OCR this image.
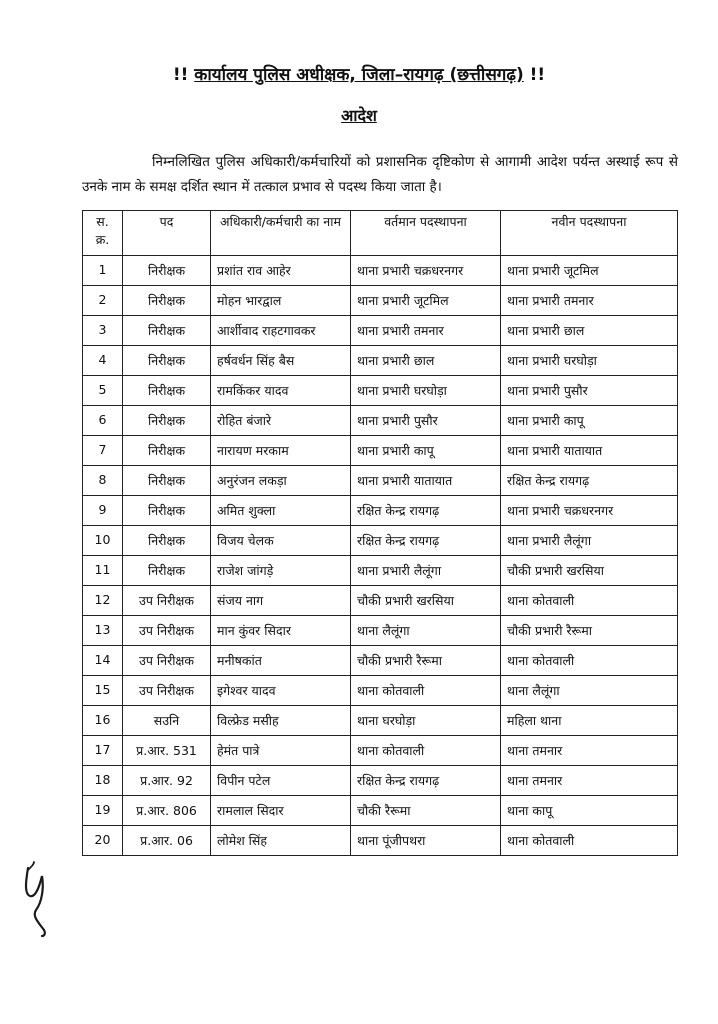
!! कार्यालय पुलिस अधीक्षक, जिला–रायगढ़ (छत्तीसगढ़) !!
आदेश
निम्नलिखित पुलिस अधिकारी/कर्मचारियों को प्रशासनिक दृष्टिकोण से आगामी आदेश पर्यन्त अस्थाई रूप से उनके नाम के समक्ष दर्शित स्थान में तत्काल प्रभाव से पदस्थ किया जाता है।
स. क्र.	पद	अधिकारी/कर्मचारी का नाम	वर्तमान पदस्थापना	नवीन पदस्थापना
1	निरीक्षक	प्रशांत राव आहेर	थाना प्रभारी चक्रधरनगर	थाना प्रभारी जूटमिल
2	निरीक्षक	मोहन भारद्वाल	थाना प्रभारी जूटमिल	थाना प्रभारी तमनार
3	निरीक्षक	आर्शीवाद राहटगावकर	थाना प्रभारी तमनार	थाना प्रभारी छाल
4	निरीक्षक	हर्षवर्धन सिंह बैस	थाना प्रभारी छाल	थाना प्रभारी घरघोड़ा
5	निरीक्षक	रामकिंकर यादव	थाना प्रभारी घरघोड़ा	थाना प्रभारी पुसौर
6	निरीक्षक	रोहित बंजारे	थाना प्रभारी पुसौर	थाना प्रभारी कापू
7	निरीक्षक	नारायण मरकाम	थाना प्रभारी कापू	थाना प्रभारी यातायात
8	निरीक्षक	अनुरंजन लकड़ा	थाना प्रभारी यातायात	रक्षित केन्द्र रायगढ़
9	निरीक्षक	अमित शुक्ला	रक्षित केन्द्र रायगढ़	थाना प्रभारी चक्रधरनगर
10	निरीक्षक	विजय चेलक	रक्षित केन्द्र रायगढ़	थाना प्रभारी लैलूंगा
11	निरीक्षक	राजेश जांगड़े	थाना प्रभारी लैलूंगा	चौकी प्रभारी खरसिया
12	उप निरीक्षक	संजय नाग	चौकी प्रभारी खरसिया	थाना कोतवाली
13	उप निरीक्षक	मान कुंवर सिदार	थाना लैलूंगा	चौकी प्रभारी रैरूमा
14	उप निरीक्षक	मनीषकांत	चौकी प्रभारी रैरूमा	थाना कोतवाली
15	उप निरीक्षक	इगेश्वर यादव	थाना कोतवाली	थाना लैलूंगा
16	सउनि	विल्फ्रेड मसीह	थाना घरघोड़ा	महिला थाना
17	प्र.आर. 531	हेमंत पात्रे	थाना कोतवाली	थाना तमनार
18	प्र.आर. 92	विपीन पटेल	रक्षित केन्द्र रायगढ़	थाना तमनार
19	प्र.आर. 806	रामलाल सिदार	चौकी रैरूमा	थाना कापू
20	प्र.आर. 06	लोमेश सिंह	थाना पूंजीपथरा	थाना कोतवाली
